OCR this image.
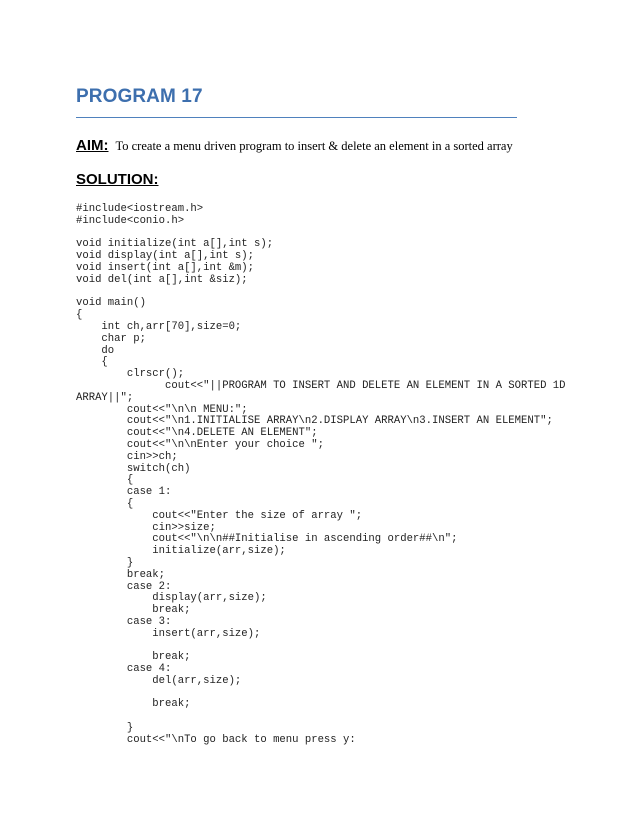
PROGRAM 17
AIM: To create a menu driven program to insert & delete an element in a sorted array
SOLUTION:
#include<iostream.h>
#include<conio.h>

void initialize(int a[],int s);
void display(int a[],int s);
void insert(int a[],int &m);
void del(int a[],int &siz);

void main()
{
int ch,arr[70],size=0;
char p;
do
{
clrscr();
cout<<"||PROGRAM TO INSERT AND DELETE AN ELEMENT IN A SORTED 1D
ARRAY||";
cout<<"\n\n MENU:";
cout<<"\n1.INITIALISE ARRAY\n2.DISPLAY ARRAY\n3.INSERT AN ELEMENT";
cout<<"\n4.DELETE AN ELEMENT";
cout<<"\n\nEnter your choice ";
cin>>ch;
switch(ch)
{
case 1:
{
cout<<"Enter the size of array ";
cin>>size;
cout<<"\n\n##Initialise in ascending order##\n";
initialize(arr,size);
}
break;
case 2:
display(arr,size);
break;
case 3:
insert(arr,size);

break;
case 4:
del(arr,size);

break;

}
cout<<"\nTo go back to menu press y:
